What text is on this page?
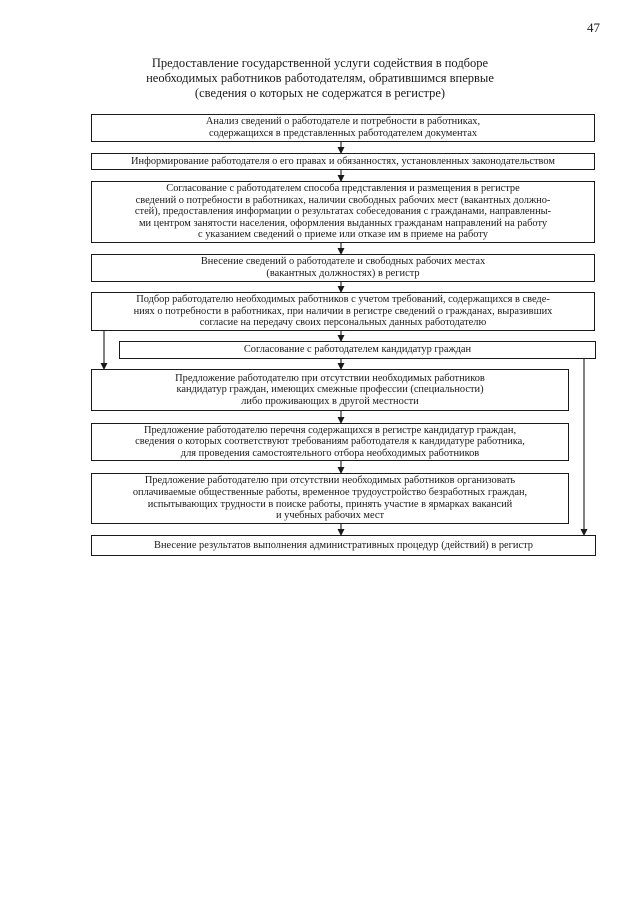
47
Предоставление государственной услуги содействия в подборе
необходимых работников работодателям, обратившимся впервые
(сведения о которых не содержатся в регистре)
Анализ сведений о работодателе и потребности в работниках,
содержащихся в представленных работодателем документах
Информирование работодателя о его правах и обязанностях, установленных законодательством
Согласование с работодателем способа представления и размещения в регистре
сведений о потребности в работниках, наличии свободных рабочих мест (вакантных должно-
стей), предоставления информации о результатах собеседования с гражданами, направленны-
ми центром занятости населения, оформления выданных гражданам направлений на работу
с указанием сведений о приеме или отказе им в приеме на работу
Внесение сведений о работодателе и свободных рабочих местах
(вакантных должностях) в регистр
Подбор работодателю необходимых работников с учетом требований, содержащихся в сведе-
ниях о потребности в работниках, при наличии в регистре сведений о гражданах, выразивших
согласие на передачу своих персональных данных работодателю
Согласование с работодателем кандидатур граждан
Предложение работодателю при отсутствии необходимых работников
кандидатур граждан, имеющих смежные профессии (специальности)
либо проживающих в другой местности
Предложение работодателю перечня содержащихся в регистре кандидатур граждан,
сведения о которых соответствуют требованиям работодателя к кандидатуре работника,
для проведения самостоятельного отбора необходимых работников
Предложение работодателю при отсутствии необходимых работников организовать
оплачиваемые общественные работы, временное трудоустройство безработных граждан,
испытывающих трудности в поиске работы, принять участие в ярмарках вакансий
и учебных рабочих мест
Внесение результатов выполнения административных процедур (действий) в регистр
